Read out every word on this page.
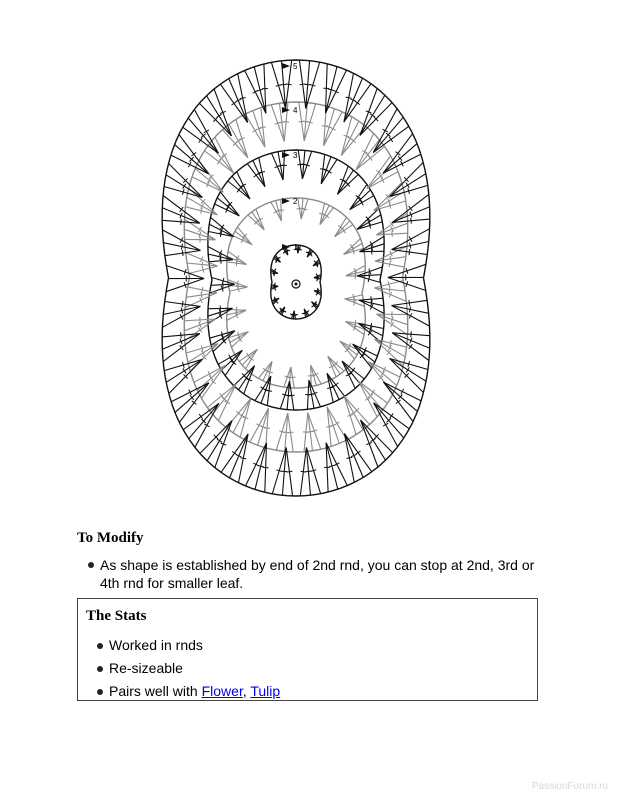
1
2
3
4
5
To Modify
As shape is established by end of 2nd rnd, you can stop at 2nd, 3rd or 4th rnd for smaller leaf.
The Stats
Worked in rnds
Re-sizeable
Pairs well with Flower, Tulip
PassionForum.ru
